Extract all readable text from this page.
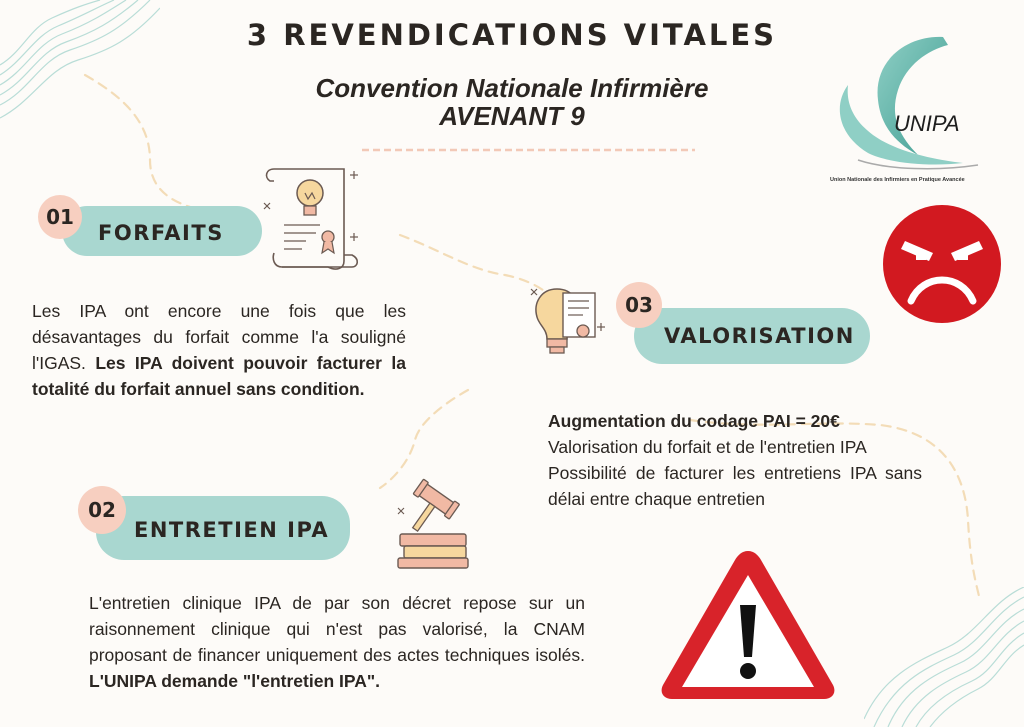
3 REVENDICATIONS VITALES
Convention Nationale Infirmière
AVENANT 9	UNIPA
Union Nationale des Infirmiers en Pratique Avancée
01
FORFAITS
Les IPA ont encore une fois que les désavantages du forfait comme l'a souligné l'IGAS. Les IPA doivent pouvoir facturer la totalité du forfait annuel sans condition.
03
VALORISATION
Augmentation du codage PAI = 20€
Valorisation du forfait et de l'entretien IPA
Possibilité de facturer les entretiens IPA sans délai entre chaque entretien
02
ENTRETIEN IPA
L'entretien clinique IPA de par son décret repose sur un raisonnement clinique qui n'est pas valorisé, la CNAM proposant de financer uniquement des actes techniques isolés. L'UNIPA demande "l'entretien IPA".
